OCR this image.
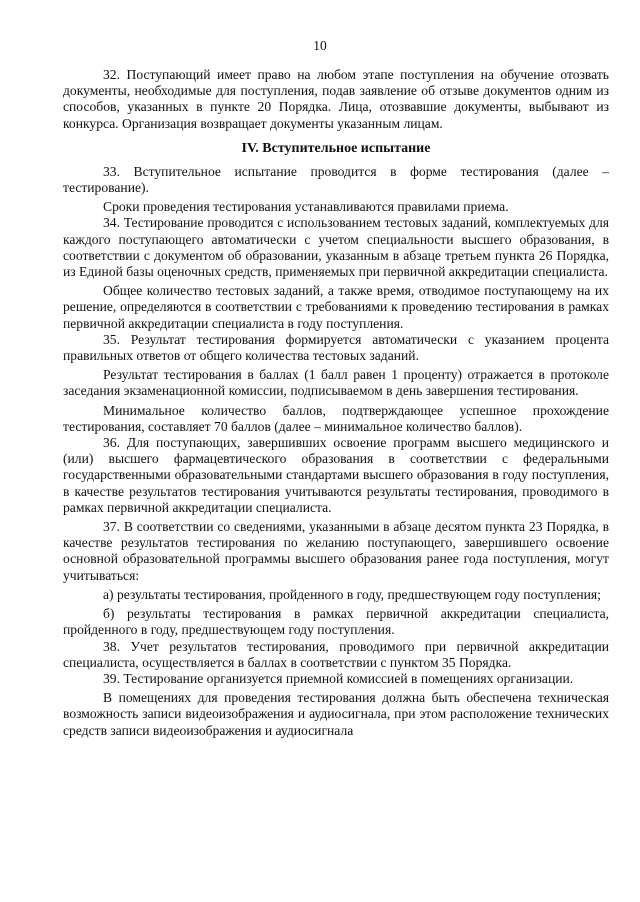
10

32. Поступающий имеет право на любом этапе поступления на обучение отозвать документы, необходимые для поступления, подав заявление об отзыве документов одним из способов, указанных в пункте 20 Порядка. Лица, отозвавшие документы, выбывают из конкурса. Организация возвращает документы указанным лицам.

IV. Вступительное испытание

33. Вступительное испытание проводится в форме тестирования (далее – тестирование).

Сроки проведения тестирования устанавливаются правилами приема.

34. Тестирование проводится с использованием тестовых заданий, комплектуемых для каждого поступающего автоматически с учетом специальности высшего образования, в соответствии с документом об образовании, указанным в абзаце третьем пункта 26 Порядка, из Единой базы оценочных средств, применяемых при первичной аккредитации специалиста.

Общее количество тестовых заданий, а также время, отводимое поступающему на их решение, определяются в соответствии с требованиями к проведению тестирования в рамках первичной аккредитации специалиста в году поступления.

35. Результат тестирования формируется автоматически с указанием процента правильных ответов от общего количества тестовых заданий.

Результат тестирования в баллах (1 балл равен 1 проценту) отражается в протоколе заседания экзаменационной комиссии, подписываемом в день завершения тестирования.

Минимальное количество баллов, подтверждающее успешное прохождение тестирования, составляет 70 баллов (далее – минимальное количество баллов).

36. Для поступающих, завершивших освоение программ высшего медицинского и (или) высшего фармацевтического образования в соответствии с федеральными государственными образовательными стандартами высшего образования в году поступления, в качестве результатов тестирования учитываются результаты тестирования, проводимого в рамках первичной аккредитации специалиста.

37. В соответствии со сведениями, указанными в абзаце десятом пункта 23 Порядка, в качестве результатов тестирования по желанию поступающего, завершившего освоение основной образовательной программы высшего образования ранее года поступления, могут учитываться:

а) результаты тестирования, пройденного в году, предшествующем году поступления;

б) результаты тестирования в рамках первичной аккредитации специалиста, пройденного в году, предшествующем году поступления.

38. Учет результатов тестирования, проводимого при первичной аккредитации специалиста, осуществляется в баллах в соответствии с пунктом 35 Порядка.

39. Тестирование организуется приемной комиссией в помещениях организации.

В помещениях для проведения тестирования должна быть обеспечена техническая возможность записи видеоизображения и аудиосигнала, при этом расположение технических средств записи видеоизображения и аудиосигнала
